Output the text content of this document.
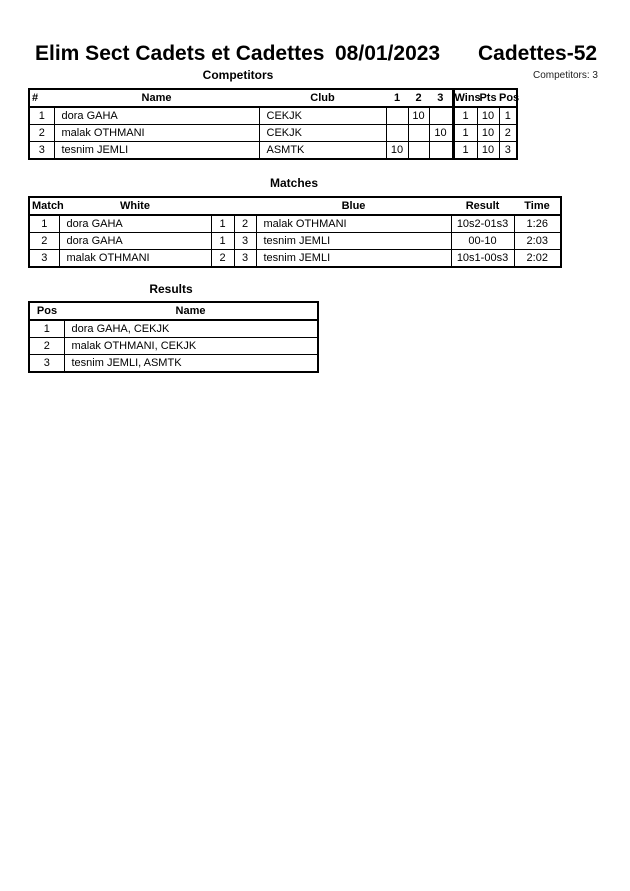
Elim Sect Cadets et Cadettes 08/01/2023 Cadettes-52
Competitors	Competitors: 3
#	Name	Club	1	2	3	Wins	Pts	Pos
1	dora GAHA	CEKJK		10		1	10	1
2	malak OTHMANI	CEKJK			10	1	10	2
3	tesnim JEMLI	ASMTK	10			1	10	3
Matches
Match	White			Blue	Result	Time
1	dora GAHA	1	2	malak OTHMANI	10s2-01s3	1:26
2	dora GAHA	1	3	tesnim JEMLI	00-10	2:03
3	malak OTHMANI	2	3	tesnim JEMLI	10s1-00s3	2:02
Results
Pos	Name
1	dora GAHA, CEKJK
2	malak OTHMANI, CEKJK
3	tesnim JEMLI, ASMTK
